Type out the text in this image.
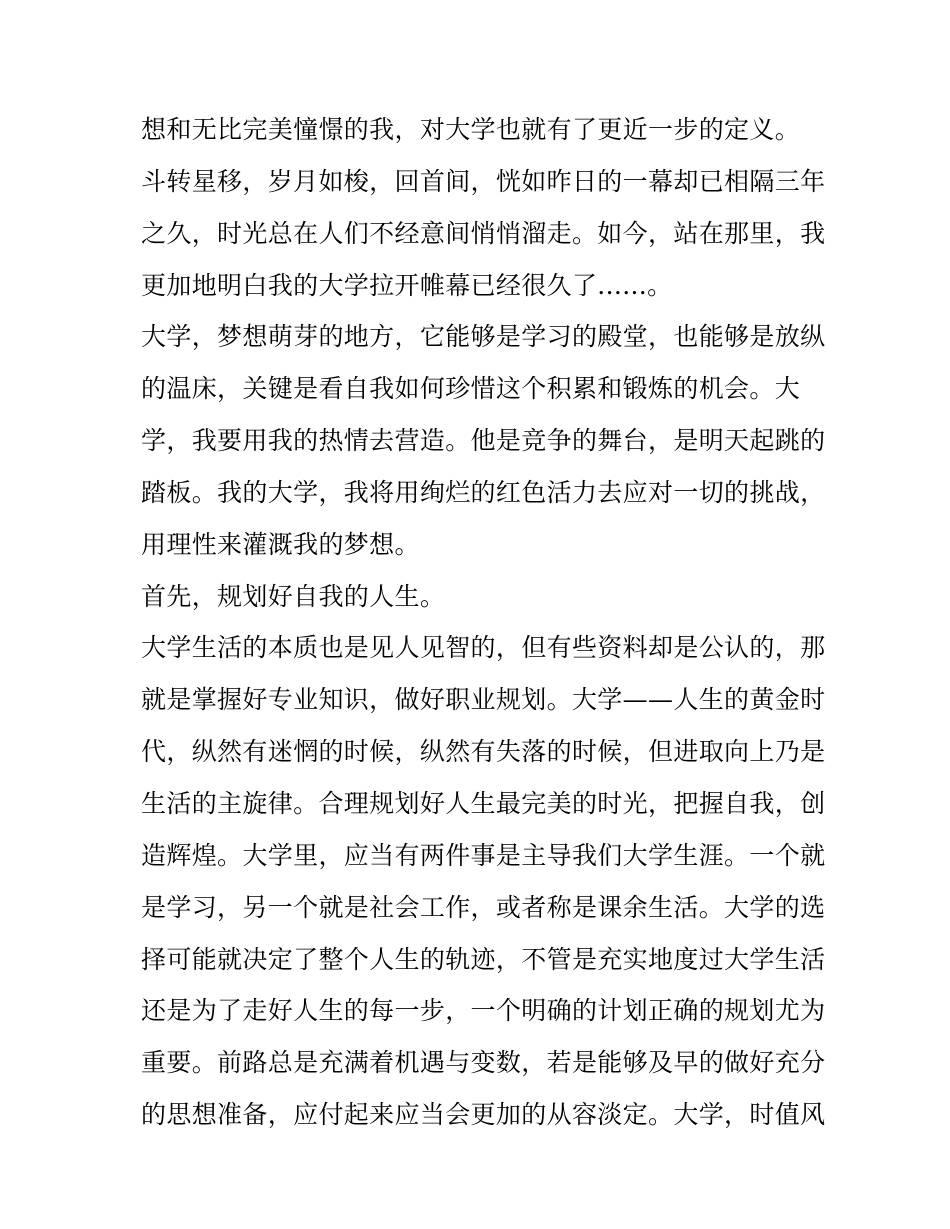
想和无比完美憧憬的我，对大学也就有了更近一步的定义。
斗转星移，岁月如梭，回首间，恍如昨日的一幕却已相隔三年
之久，时光总在人们不经意间悄悄溜走。如今，站在那里，我
更加地明白我的大学拉开帷幕已经很久了......。
大学，梦想萌芽的地方，它能够是学习的殿堂，也能够是放纵
的温床，关键是看自我如何珍惜这个积累和锻炼的机会。大
学，我要用我的热情去营造。他是竞争的舞台，是明天起跳的
踏板。我的大学，我将用绚烂的红色活力去应对一切的挑战，
用理性来灌溉我的梦想。
首先，规划好自我的人生。
大学生活的本质也是见人见智的，但有些资料却是公认的，那
就是掌握好专业知识，做好职业规划。大学——人生的黄金时
代，纵然有迷惘的时候，纵然有失落的时候，但进取向上乃是
生活的主旋律。合理规划好人生最完美的时光，把握自我，创
造辉煌。大学里，应当有两件事是主导我们大学生涯。一个就
是学习，另一个就是社会工作，或者称是课余生活。大学的选
择可能就决定了整个人生的轨迹，不管是充实地度过大学生活
还是为了走好人生的每一步，一个明确的计划正确的规划尤为
重要。前路总是充满着机遇与变数，若是能够及早的做好充分
的思想准备，应付起来应当会更加的从容淡定。大学，时值风
